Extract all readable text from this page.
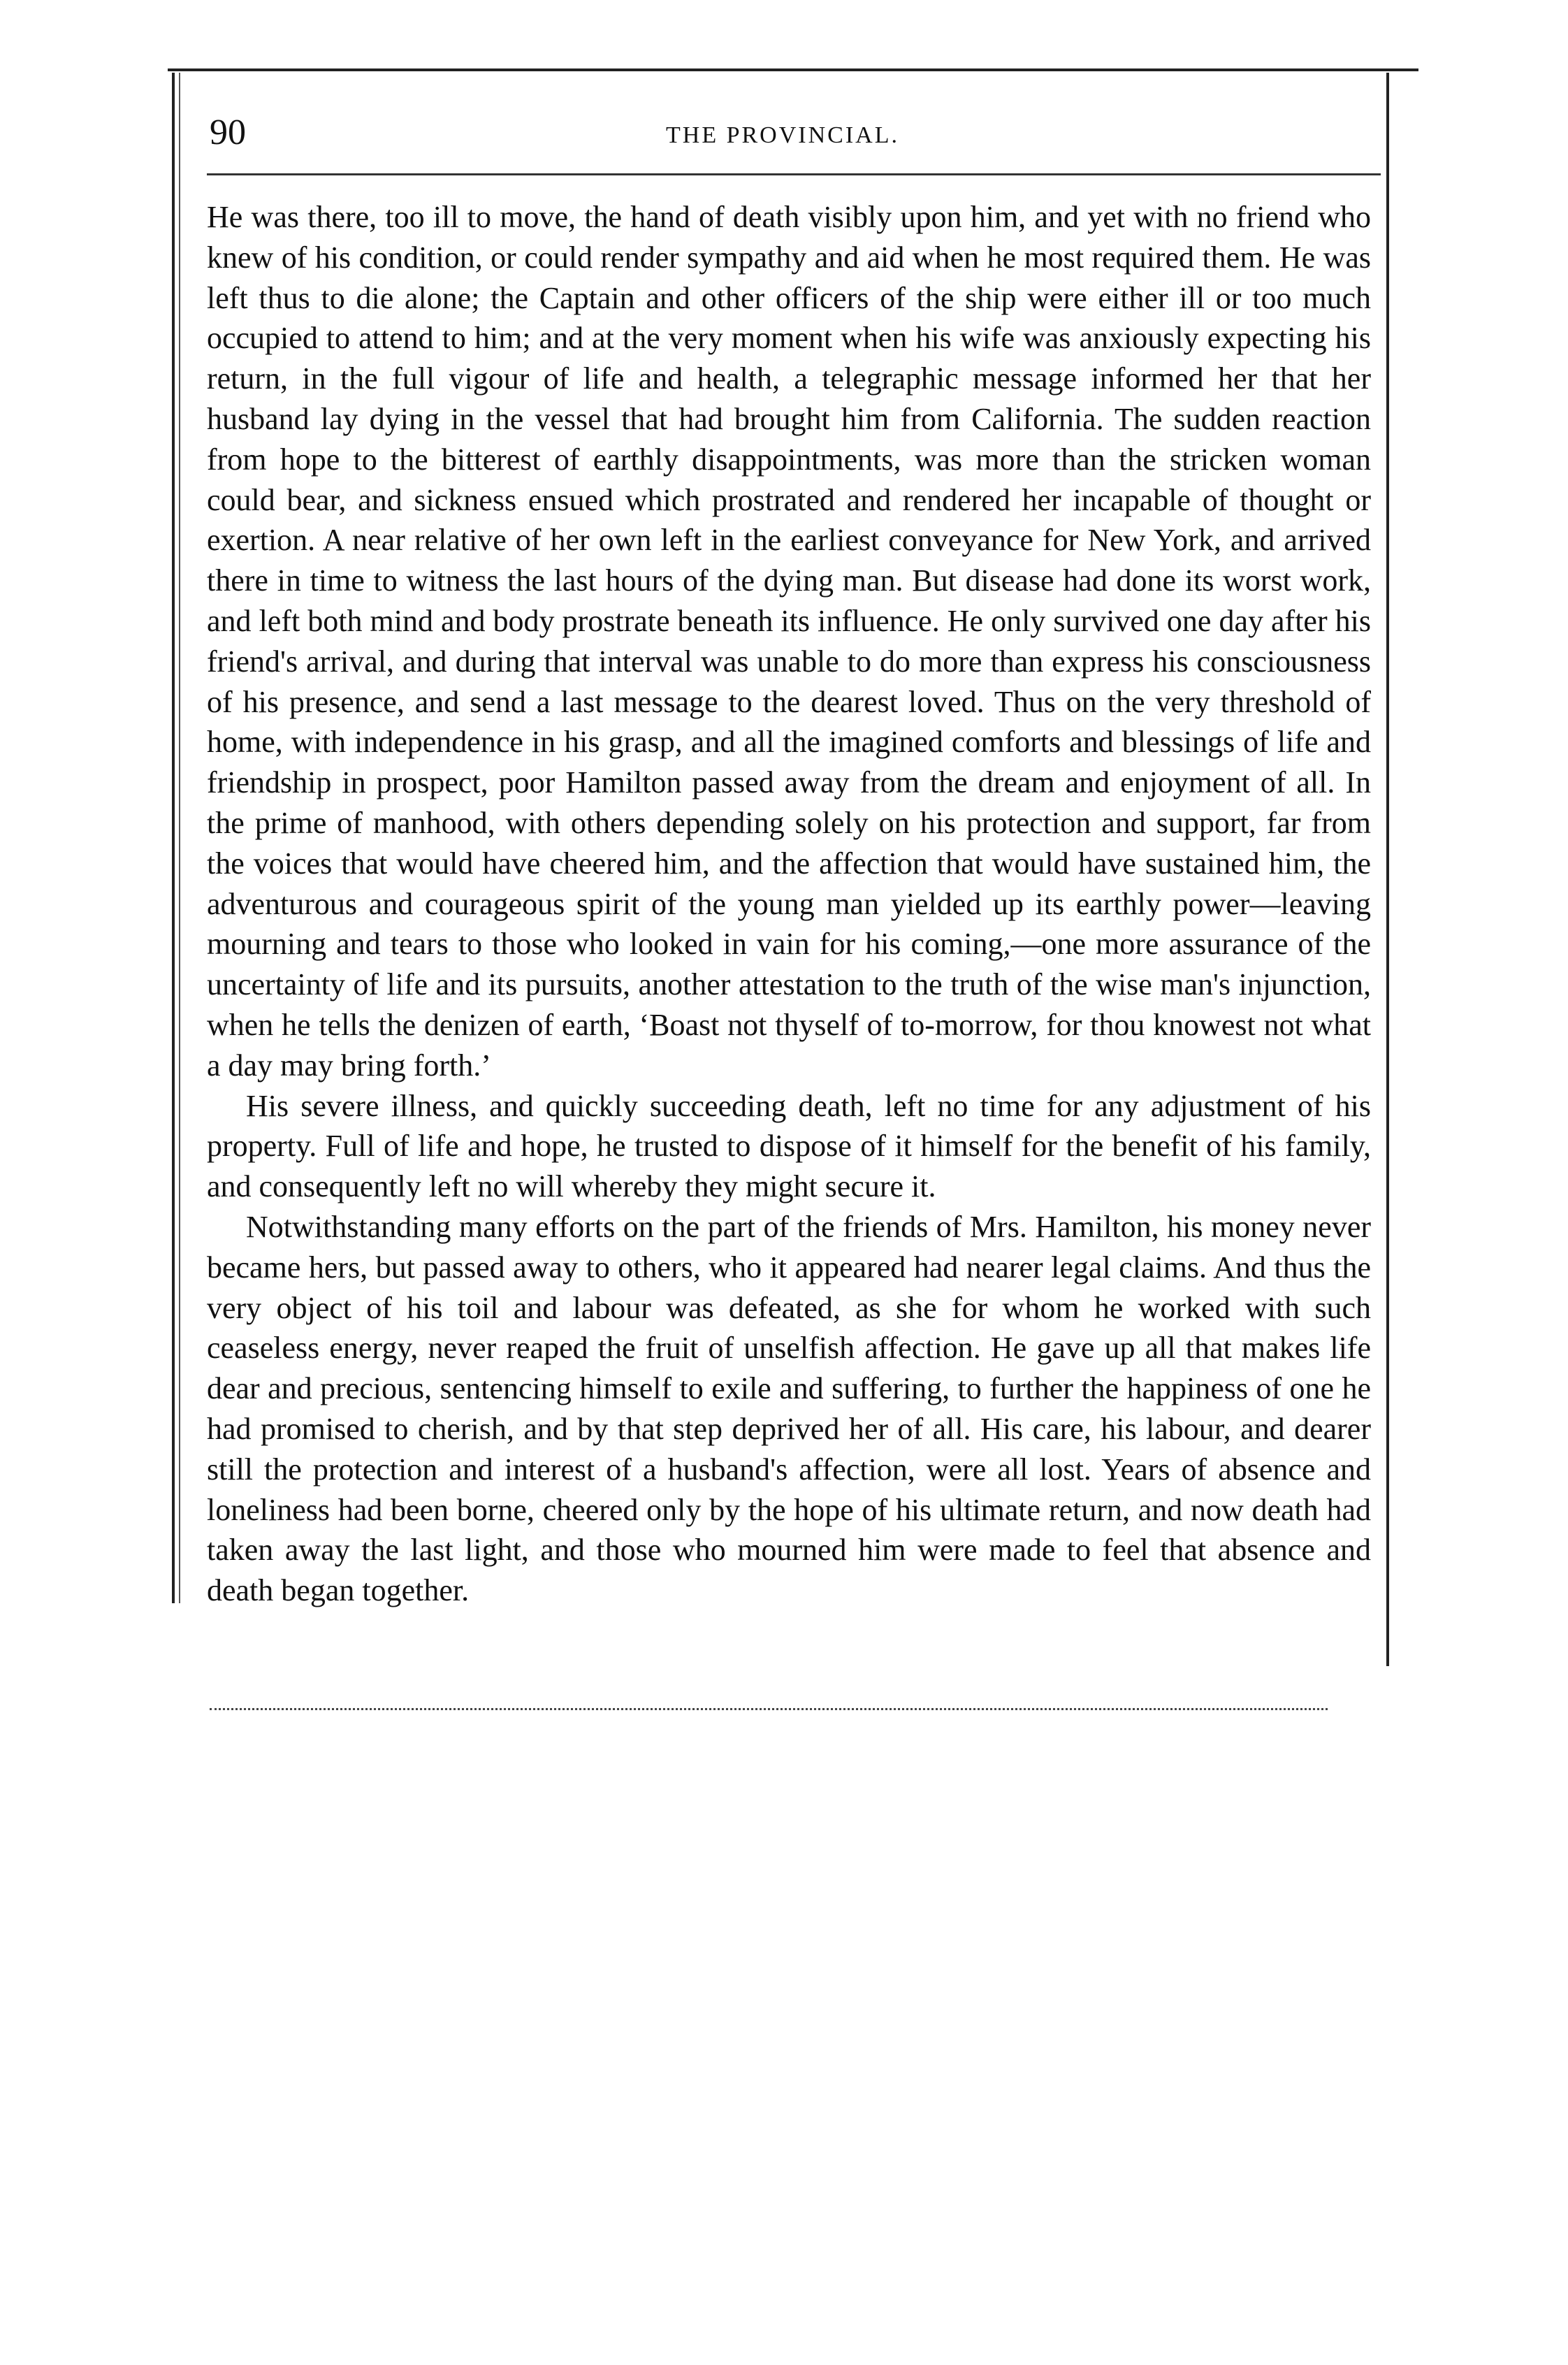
90	THE PROVINCIAL.

He was there, too ill to move, the hand of death visibly upon him, and yet with no friend who knew of his condition, or could render sympathy and aid when he most required them. He was left thus to die alone; the Captain and other officers of the ship were either ill or too much occupied to attend to him; and at the very moment when his wife was anxiously expecting his return, in the full vigour of life and health, a telegraphic message informed her that her husband lay dying in the vessel that had brought him from California. The sudden reaction from hope to the bitterest of earthly disappointments, was more than the stricken woman could bear, and sickness ensued which prostrated and rendered her incapable of thought or exertion. A near relative of her own left in the earliest conveyance for New York, and arrived there in time to witness the last hours of the dying man. But disease had done its worst work, and left both mind and body prostrate beneath its influence. He only survived one day after his friend's arrival, and during that interval was unable to do more than express his consciousness of his presence, and send a last message to the dearest loved. Thus on the very threshold of home, with independence in his grasp, and all the imagined comforts and blessings of life and friendship in prospect, poor Hamilton passed away from the dream and enjoyment of all. In the prime of manhood, with others depending solely on his protection and support, far from the voices that would have cheered him, and the affection that would have sustained him, the adventurous and courageous spirit of the young man yielded up its earthly power—leaving mourning and tears to those who looked in vain for his coming,—one more assurance of the uncertainty of life and its pursuits, another attestation to the truth of the wise man's injunction, when he tells the denizen of earth, ‘Boast not thyself of to-morrow, for thou knowest not what a day may bring forth.’

His severe illness, and quickly succeeding death, left no time for any adjustment of his property. Full of life and hope, he trusted to dispose of it himself for the benefit of his family, and consequently left no will whereby they might secure it.

Notwithstanding many efforts on the part of the friends of Mrs. Hamilton, his money never became hers, but passed away to others, who it appeared had nearer legal claims. And thus the very object of his toil and labour was defeated, as she for whom he worked with such ceaseless energy, never reaped the fruit of unselfish affection. He gave up all that makes life dear and precious, sentencing himself to exile and suffering, to further the happiness of one he had promised to cherish, and by that step deprived her of all. His care, his labour, and dearer still the protection and interest of a husband's affection, were all lost. Years of absence and loneliness had been borne, cheered only by the hope of his ultimate return, and now death had taken away the last light, and those who mourned him were made to feel that absence and death began together.
